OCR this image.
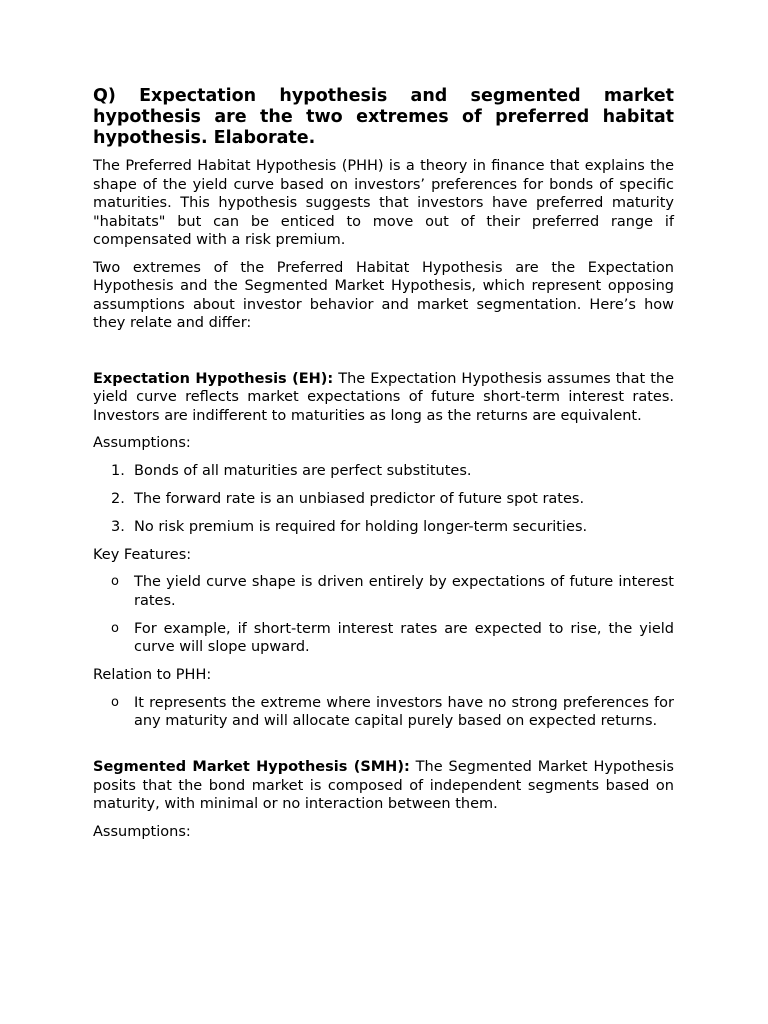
Q) Expectation hypothesis and segmented market hypothesis are the two extremes of preferred habitat hypothesis. Elaborate.

The Preferred Habitat Hypothesis (PHH) is a theory in finance that explains the shape of the yield curve based on investors’ preferences for bonds of specific maturities. This hypothesis suggests that investors have preferred maturity "habitats" but can be enticed to move out of their preferred range if compensated with a risk premium.

Two extremes of the Preferred Habitat Hypothesis are the Expectation Hypothesis and the Segmented Market Hypothesis, which represent opposing assumptions about investor behavior and market segmentation. Here’s how they relate and differ:

Expectation Hypothesis (EH): The Expectation Hypothesis assumes that the yield curve reflects market expectations of future short-term interest rates. Investors are indifferent to maturities as long as the returns are equivalent.

Assumptions:

1. Bonds of all maturities are perfect substitutes.
2. The forward rate is an unbiased predictor of future spot rates.
3. No risk premium is required for holding longer-term securities.

Key Features:

o The yield curve shape is driven entirely by expectations of future interest rates.
o For example, if short-term interest rates are expected to rise, the yield curve will slope upward.

Relation to PHH:

o It represents the extreme where investors have no strong preferences for any maturity and will allocate capital purely based on expected returns.

Segmented Market Hypothesis (SMH): The Segmented Market Hypothesis posits that the bond market is composed of independent segments based on maturity, with minimal or no interaction between them.

Assumptions:
